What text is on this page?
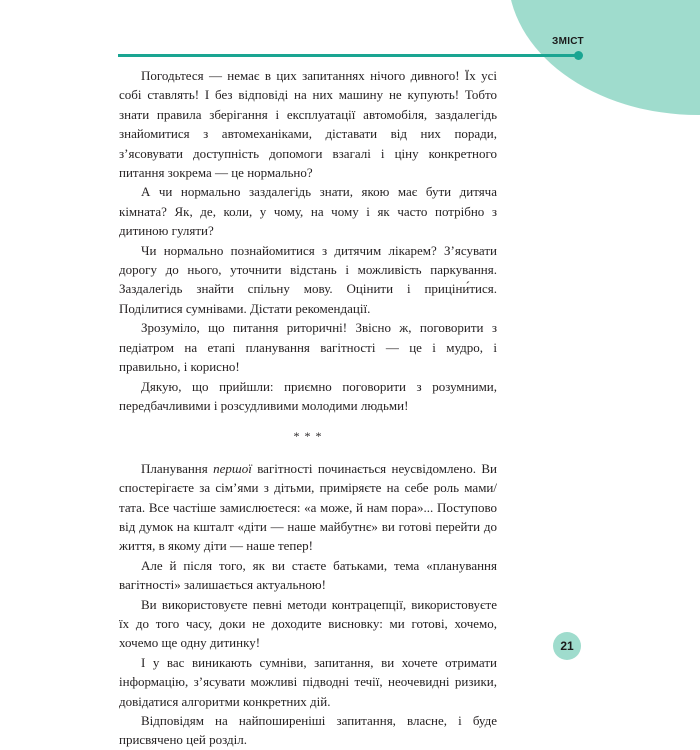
ЗМІСТ

Погодьтеся — немає в цих запитаннях нічого дивного! Їх усі собі ставлять! І без відповіді на них машину не купують! Тобто знати правила зберігання і експлуатації автомобіля, заздалегідь знайомитися з автомеханіками, діставати від них поради, з’ясовувати доступність допомоги взагалі і ціну конкретного питання зокрема — це нормально?

А чи нормально заздалегідь знати, якою має бути дитяча кімната? Як, де, коли, у чому, на чому і як часто потрібно з дитиною гуляти?

Чи нормально познайомитися з дитячим лікарем? З’ясувати дорогу до нього, уточнити відстань і можливість паркування. Заздалегідь знайти спільну мову. Оцінити і приціни́тися. Поділитися сумнівами. Дістати рекомендації.

Зрозуміло, що питання риторичні! Звісно ж, поговорити з педіатром на етапі планування вагітності — це і мудро, і правильно, і корисно!

Дякую, що прийшли: приємно поговорити з розумними, передбачливими і розсудливими молодими людьми!

* * *

Планування першої вагітності починається неусвідомлено. Ви спостерігаєте за сім’ями з дітьми, приміряєте на себе роль мами/тата. Все частіше замислюєтеся: «а може, й нам пора»... Поступово від думок на кшталт «діти — наше майбутнє» ви готові перейти до життя, в якому діти — наше тепер!

Але й після того, як ви стаєте батьками, тема «планування вагітності» залишається актуальною!

Ви використовуєте певні методи контрацепції, використовуєте їх до того часу, доки не доходите висновку: ми готові, хочемо, хочемо ще одну дитинку!

І у вас виникають сумніви, запитання, ви хочете отримати інформацію, з’ясувати можливі підводні течії, неочевидні ризики, довідатися алгоритми конкретних дій.

Відповідям на найпоширеніші запитання, власне, і буде присвячено цей розділ.

21
